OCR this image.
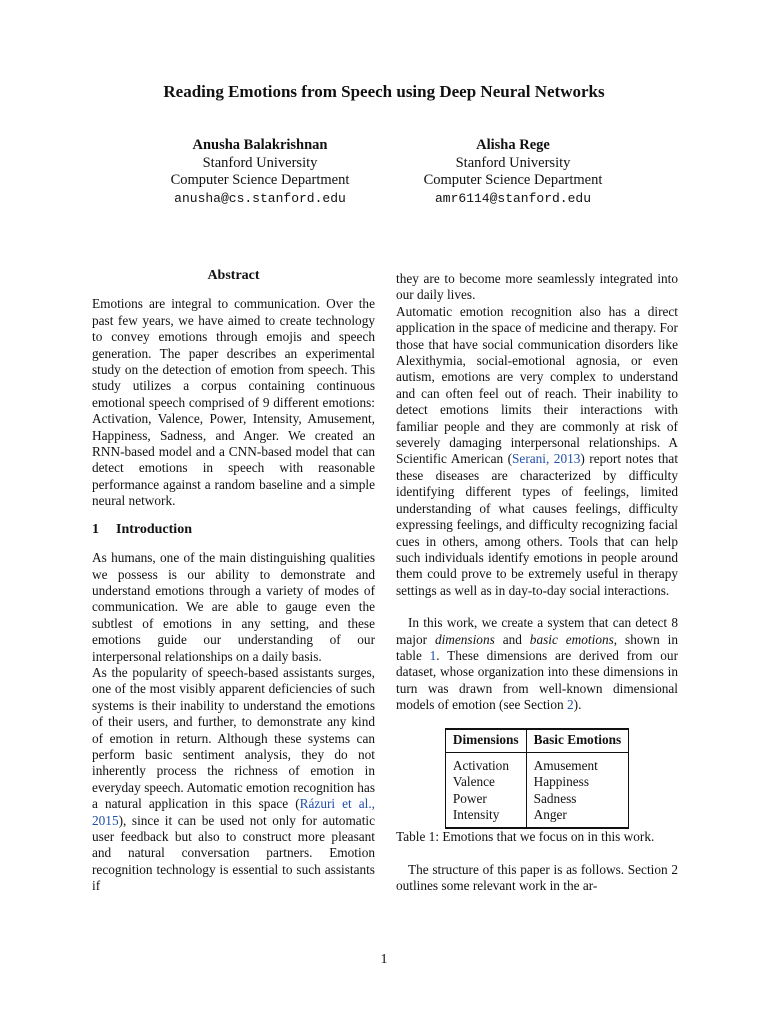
Reading Emotions from Speech using Deep Neural Networks
Anusha Balakrishnan
Stanford University
Computer Science Department
anusha@cs.stanford.edu
Alisha Rege
Stanford University
Computer Science Department
amr6114@stanford.edu
Abstract

Emotions are integral to communication. Over the past few years, we have aimed to create technology to convey emotions through emojis and speech generation. The paper describes an experimental study on the detection of emotion from speech. This study utilizes a corpus containing continuous emotional speech comprised of 9 different emotions: Activation, Valence, Power, Intensity, Amusement, Happiness, Sadness, and Anger. We created an RNN-based model and a CNN-based model that can detect emotions in speech with reasonable performance against a random baseline and a simple neural network.

1 Introduction

As humans, one of the main distinguishing qualities we possess is our ability to demonstrate and understand emotions through a variety of modes of communication. We are able to gauge even the subtlest of emotions in any setting, and these emotions guide our understanding of our interpersonal relationships on a daily basis.

As the popularity of speech-based assistants surges, one of the most visibly apparent deficiencies of such systems is their inability to understand the emotions of their users, and further, to demonstrate any kind of emotion in return. Although these systems can perform basic sentiment analysis, they do not inherently process the richness of emotion in everyday speech. Automatic emotion recognition has a natural application in this space (Rázuri et al., 2015), since it can be used not only for automatic user feedback but also to construct more pleasant and natural conversation partners. Emotion recognition technology is essential to such assistants if

they are to become more seamlessly integrated into our daily lives.

Automatic emotion recognition also has a direct application in the space of medicine and therapy. For those that have social communication disorders like Alexithymia, social-emotional agnosia, or even autism, emotions are very complex to understand and can often feel out of reach. Their inability to detect emotions limits their interactions with familiar people and they are commonly at risk of severely damaging interpersonal relationships. A Scientific American (Serani, 2013) report notes that these diseases are characterized by difficulty identifying different types of feelings, limited understanding of what causes feelings, difficulty expressing feelings, and difficulty recognizing facial cues in others, among others. Tools that can help such individuals identify emotions in people around them could prove to be extremely useful in therapy settings as well as in day-to-day social interactions.

In this work, we create a system that can detect 8 major dimensions and basic emotions, shown in table 1. These dimensions are derived from our dataset, whose organization into these dimensions in turn was drawn from well-known dimensional models of emotion (see Section 2).

Dimensions	Basic Emotions
Activation	Amusement
Valence	Happiness
Power	Sadness
Intensity	Anger

Table 1: Emotions that we focus on in this work.

The structure of this paper is as follows. Section 2 outlines some relevant work in the ar-

1
